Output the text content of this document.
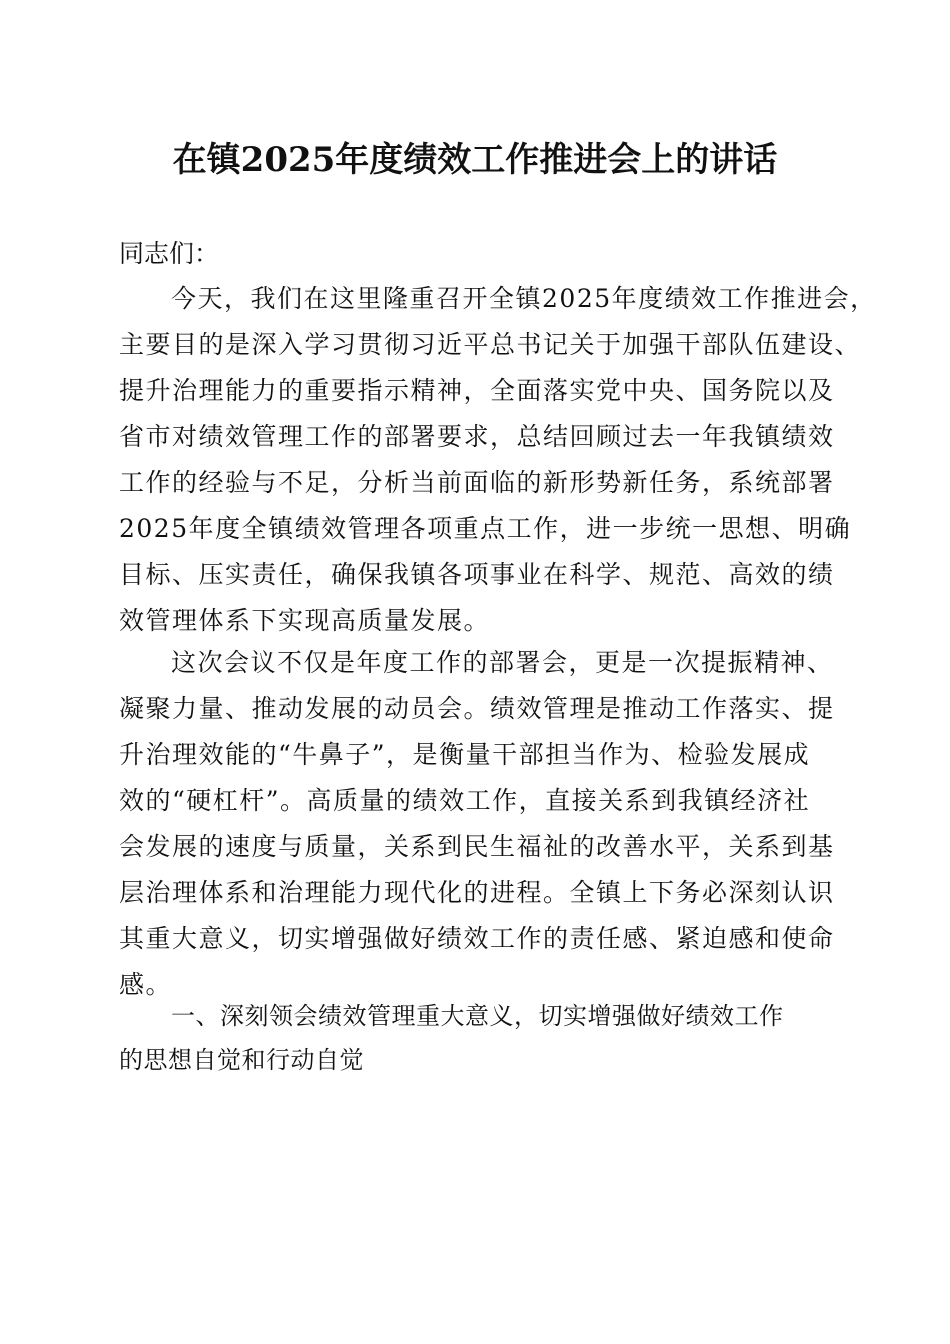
在镇2025年度绩效工作推进会上的讲话
同志们：
今天，我们在这里隆重召开全镇2025年度绩效工作推进会，
主要目的是深入学习贯彻习近平总书记关于加强干部队伍建设、
提升治理能力的重要指示精神，全面落实党中央、国务院以及
省市对绩效管理工作的部署要求，总结回顾过去一年我镇绩效
工作的经验与不足，分析当前面临的新形势新任务，系统部署
2025年度全镇绩效管理各项重点工作，进一步统一思想、明确
目标、压实责任，确保我镇各项事业在科学、规范、高效的绩
效管理体系下实现高质量发展。
这次会议不仅是年度工作的部署会，更是一次提振精神、
凝聚力量、推动发展的动员会。绩效管理是推动工作落实、提
升治理效能的“牛鼻子”，是衡量干部担当作为、检验发展成
效的“硬杠杆”。高质量的绩效工作，直接关系到我镇经济社
会发展的速度与质量，关系到民生福祉的改善水平，关系到基
层治理体系和治理能力现代化的进程。全镇上下务必深刻认识
其重大意义，切实增强做好绩效工作的责任感、紧迫感和使命
感。
一、深刻领会绩效管理重大意义，切实增强做好绩效工作
的思想自觉和行动自觉
